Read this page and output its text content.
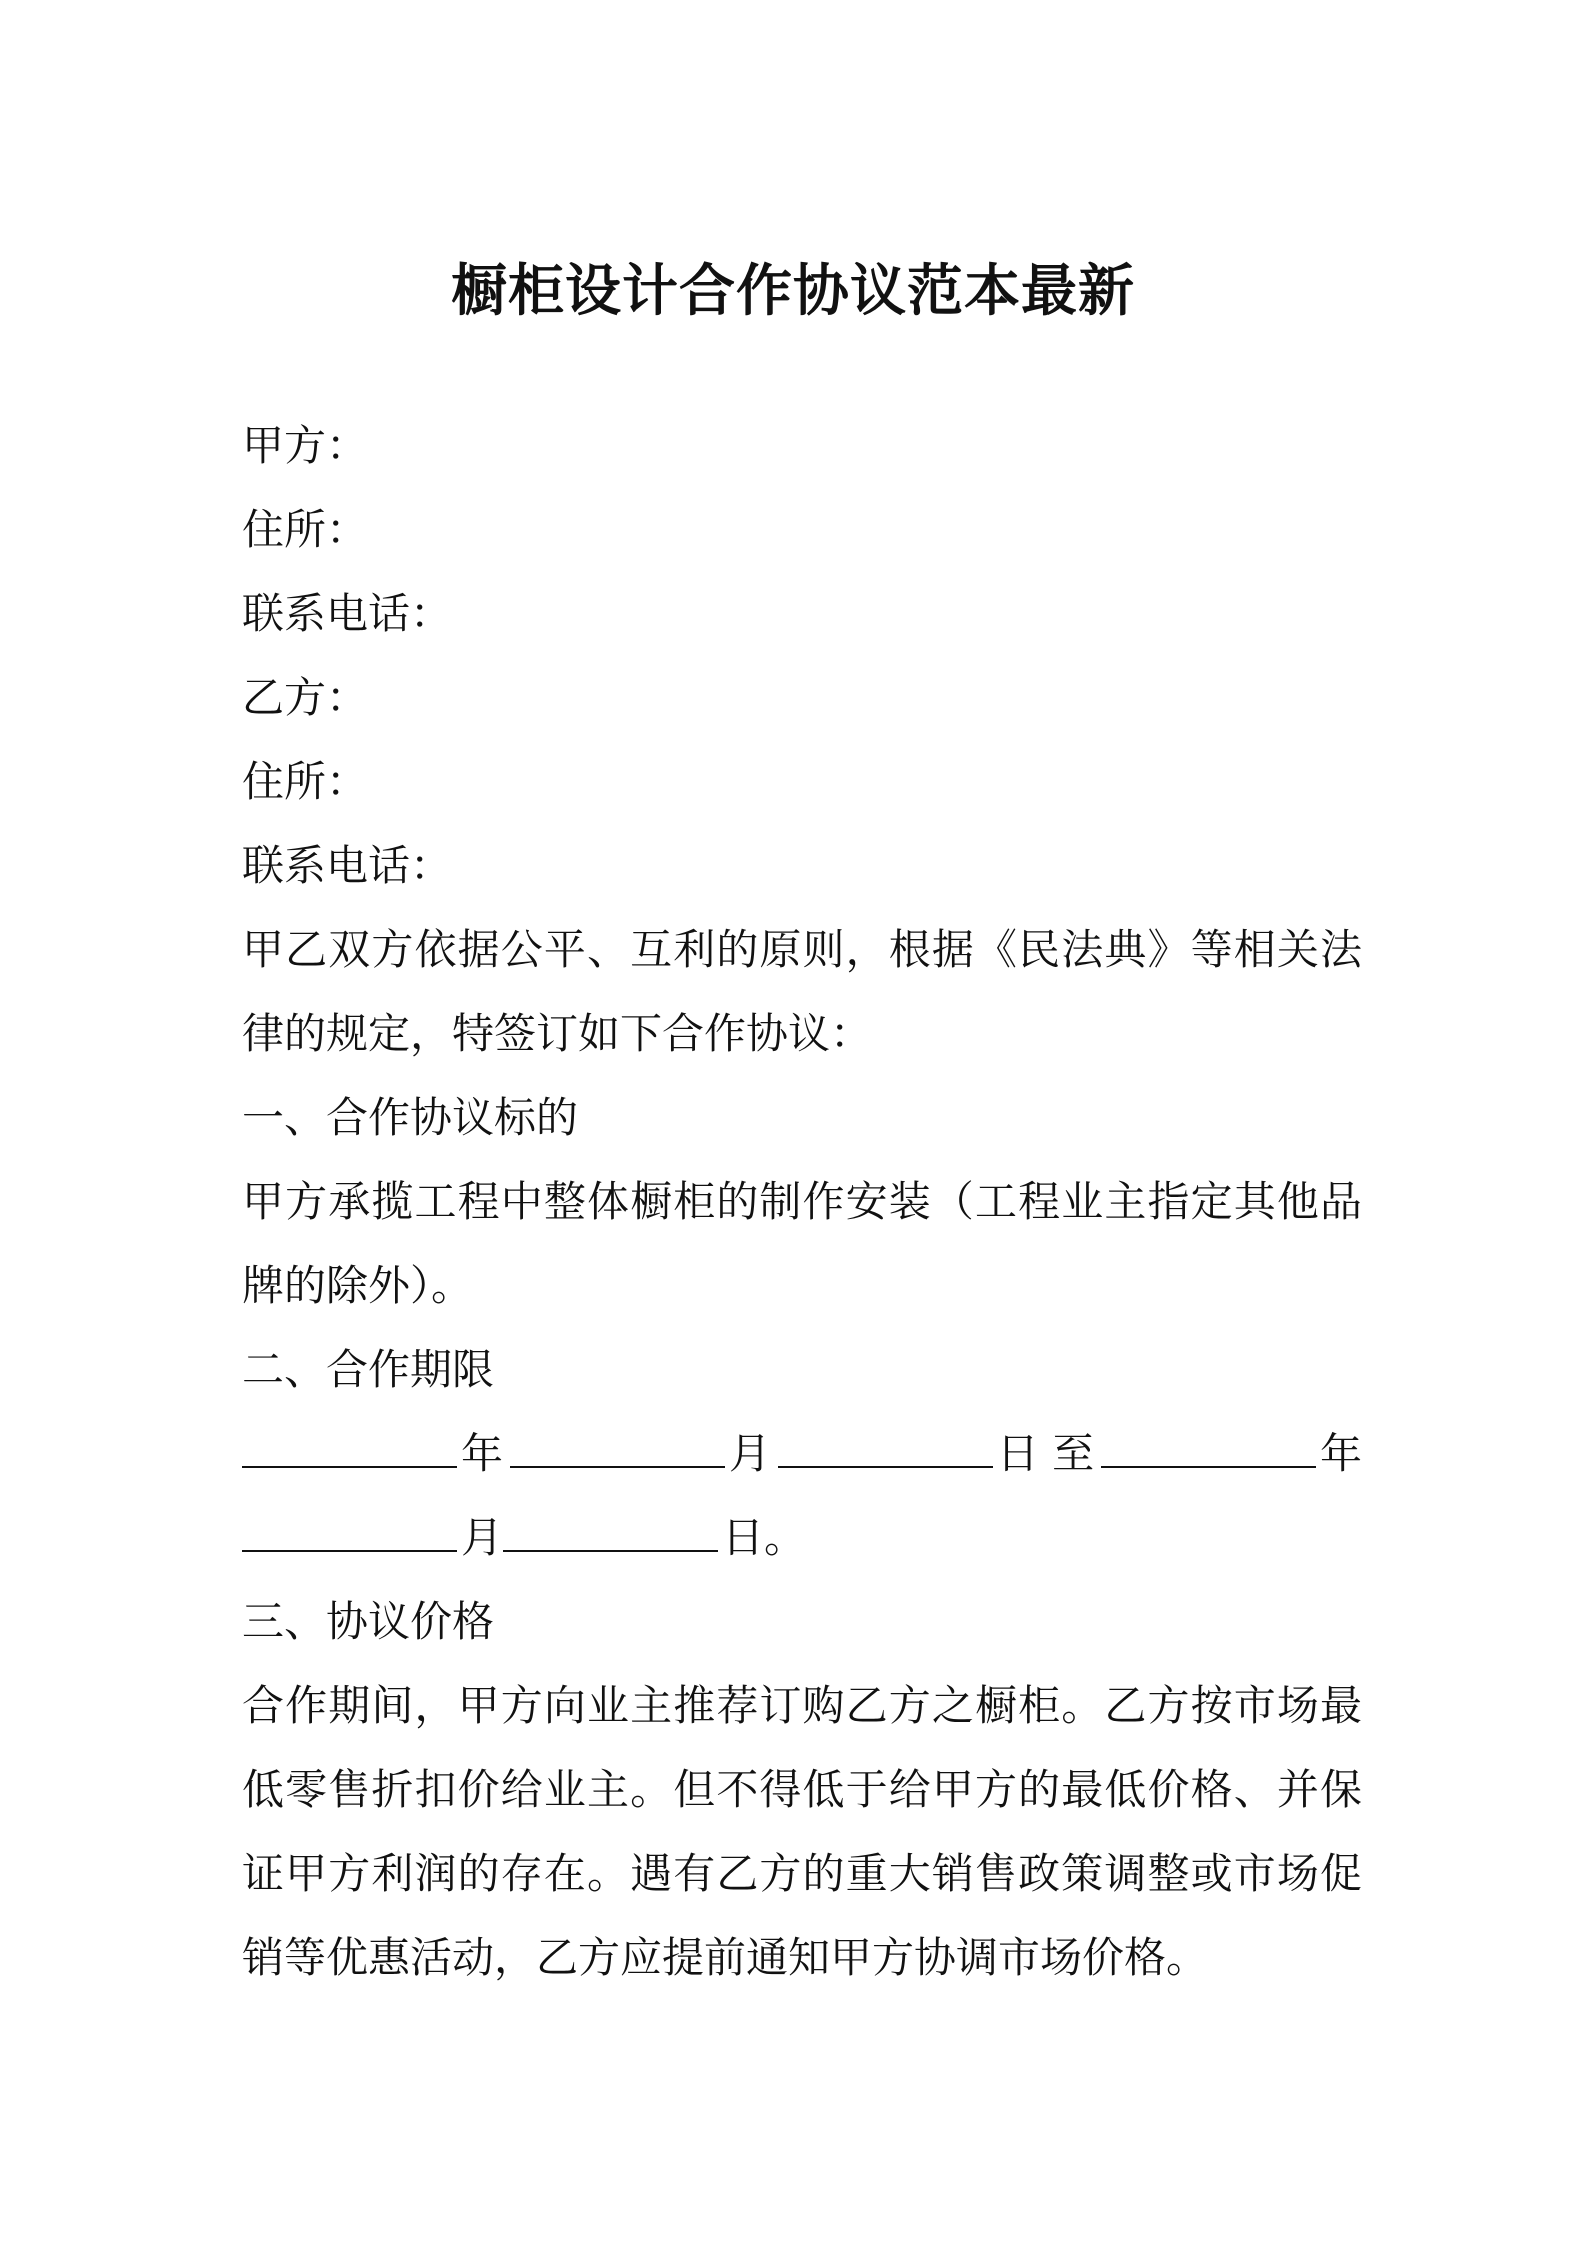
橱柜设计合作协议范本最新
甲方：
住所：
联系电话：
乙方：
住所：
联系电话：
甲乙双方依据公平、互利的原则，根据《民法典》等相关法律的规定，特签订如下合作协议：
一、合作协议标的
甲方承揽工程中整体橱柜的制作安装（工程业主指定其他品牌的除外）。
二、合作期限
年	月	日 至	年
月	日。
三、协议价格
合作期间，甲方向业主推荐订购乙方之橱柜。乙方按市场最低零售折扣价给业主。但不得低于给甲方的最低价格、并保证甲方利润的存在。遇有乙方的重大销售政策调整或市场促销等优惠活动，乙方应提前通知甲方协调市场价格。
